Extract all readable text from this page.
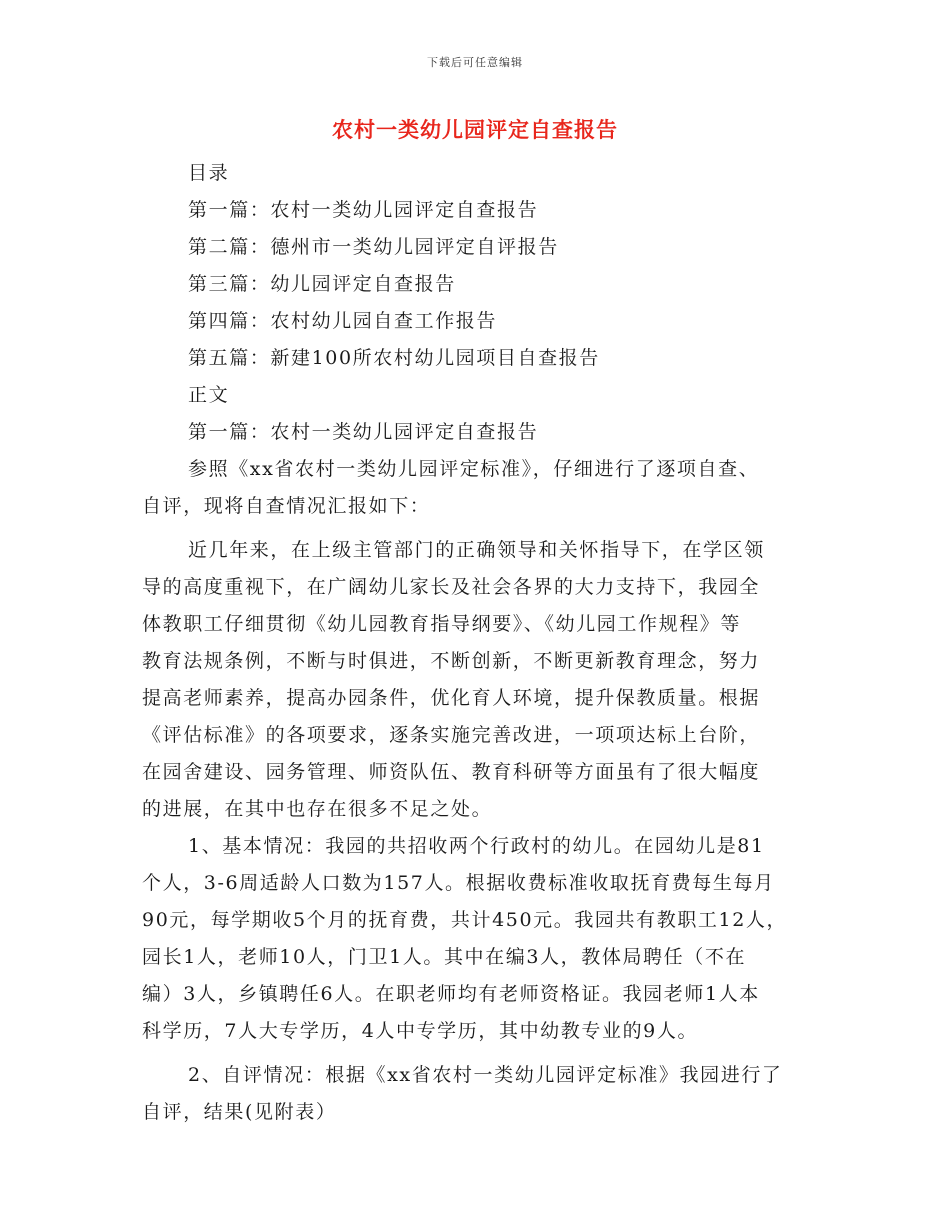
下载后可任意编辑
农村一类幼儿园评定自查报告
目录
第一篇：农村一类幼儿园评定自查报告
第二篇：德州市一类幼儿园评定自评报告
第三篇：幼儿园评定自查报告
第四篇：农村幼儿园自查工作报告
第五篇：新建100所农村幼儿园项目自查报告
正文
第一篇：农村一类幼儿园评定自查报告
参照《xx省农村一类幼儿园评定标准》，仔细进行了逐项自查、
自评，现将自查情况汇报如下：
近几年来，在上级主管部门的正确领导和关怀指导下，在学区领
导的高度重视下，在广阔幼儿家长及社会各界的大力支持下，我园全
体教职工仔细贯彻《幼儿园教育指导纲要》、《幼儿园工作规程》等
教育法规条例，不断与时俱进，不断创新，不断更新教育理念，努力
提高老师素养，提高办园条件，优化育人环境，提升保教质量。根据
《评估标准》的各项要求，逐条实施完善改进，一项项达标上台阶，
在园舍建设、园务管理、师资队伍、教育科研等方面虽有了很大幅度
的进展，在其中也存在很多不足之处。
1、基本情况：我园的共招收两个行政村的幼儿。在园幼儿是81
个人，3-6周适龄人口数为157人。根据收费标准收取抚育费每生每月
90元，每学期收5个月的抚育费，共计450元。我园共有教职工12人，
园长1人，老师10人，门卫1人。其中在编3人，教体局聘任（不在
编）3人，乡镇聘任6人。在职老师均有老师资格证。我园老师1人本
科学历，7人大专学历，4人中专学历，其中幼教专业的9人。
2、自评情况：根据《xx省农村一类幼儿园评定标准》我园进行了
自评，结果(见附表）
